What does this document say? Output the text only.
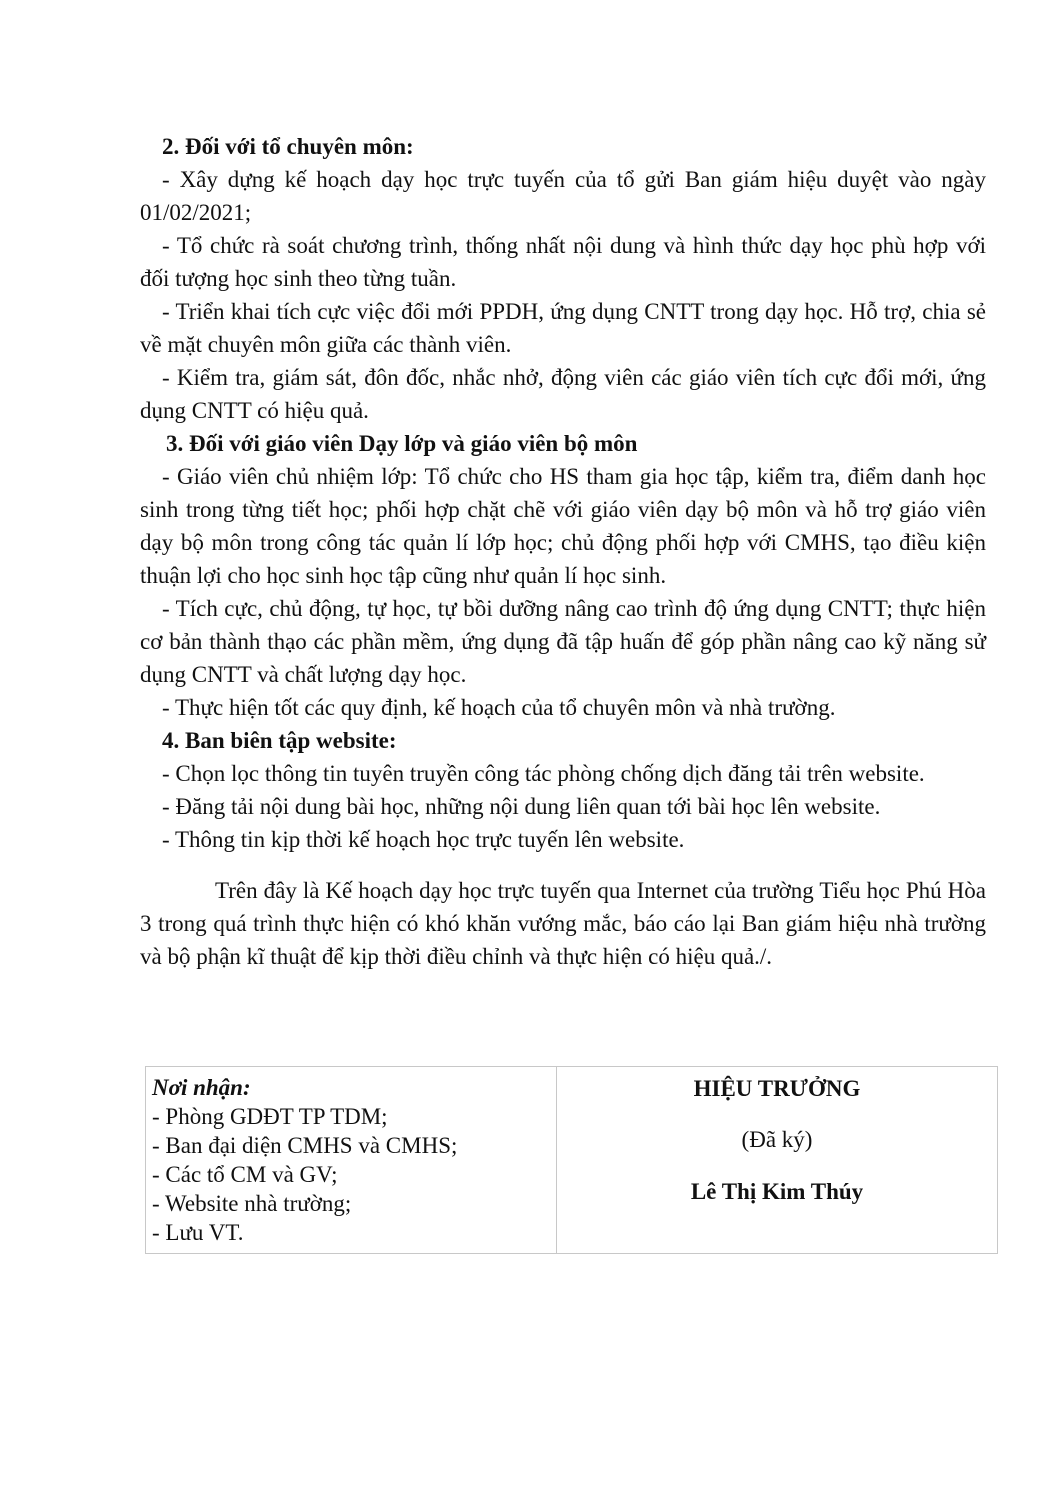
2. Đối với tổ chuyên môn:

- Xây dựng kế hoạch dạy học trực tuyến của tổ gửi Ban giám hiệu duyệt vào ngày 01/02/2021;

- Tổ chức rà soát chương trình, thống nhất nội dung và hình thức dạy học phù hợp với đối tượng học sinh theo từng tuần.

- Triển khai tích cực việc đổi mới PPDH, ứng dụng CNTT trong dạy học. Hỗ trợ, chia sẻ về mặt chuyên môn giữa các thành viên.

- Kiểm tra, giám sát, đôn đốc, nhắc nhở, động viên các giáo viên tích cực đổi mới, ứng dụng CNTT có hiệu quả.

3. Đối với giáo viên Dạy lớp và giáo viên bộ môn

- Giáo viên chủ nhiệm lớp: Tổ chức cho HS tham gia học tập, kiểm tra, điểm danh học sinh trong từng tiết học; phối hợp chặt chẽ với giáo viên dạy bộ môn và hỗ trợ giáo viên dạy bộ môn trong công tác quản lí lớp học; chủ động phối hợp với CMHS, tạo điều kiện thuận lợi cho học sinh học tập cũng như quản lí học sinh.

- Tích cực, chủ động, tự học, tự bồi dưỡng nâng cao trình độ ứng dụng CNTT; thực hiện cơ bản thành thạo các phần mềm, ứng dụng đã tập huấn để góp phần nâng cao kỹ năng sử dụng CNTT và chất lượng dạy học.

- Thực hiện tốt các quy định, kế hoạch của tổ chuyên môn và nhà trường.

4. Ban biên tập website:

- Chọn lọc thông tin tuyên truyền công tác phòng chống dịch đăng tải trên website.

- Đăng tải nội dung bài học, những nội dung liên quan tới bài học lên website.

- Thông tin kịp thời kế hoạch học trực tuyến lên website.

Trên đây là Kế hoạch dạy học trực tuyến qua Internet của trường Tiểu học Phú Hòa 3 trong quá trình thực hiện có khó khăn vướng mắc, báo cáo lại Ban giám hiệu nhà trường và bộ phận kĩ thuật để kịp thời điều chỉnh và thực hiện có hiệu quả./.

Nơi nhận:
- Phòng GDĐT TP TDM;
- Ban đại diện CMHS và CMHS;
- Các tổ CM và GV;
- Website nhà trường;
- Lưu VT.

HIỆU TRƯỞNG
(Đã ký)
Lê Thị Kim Thúy
